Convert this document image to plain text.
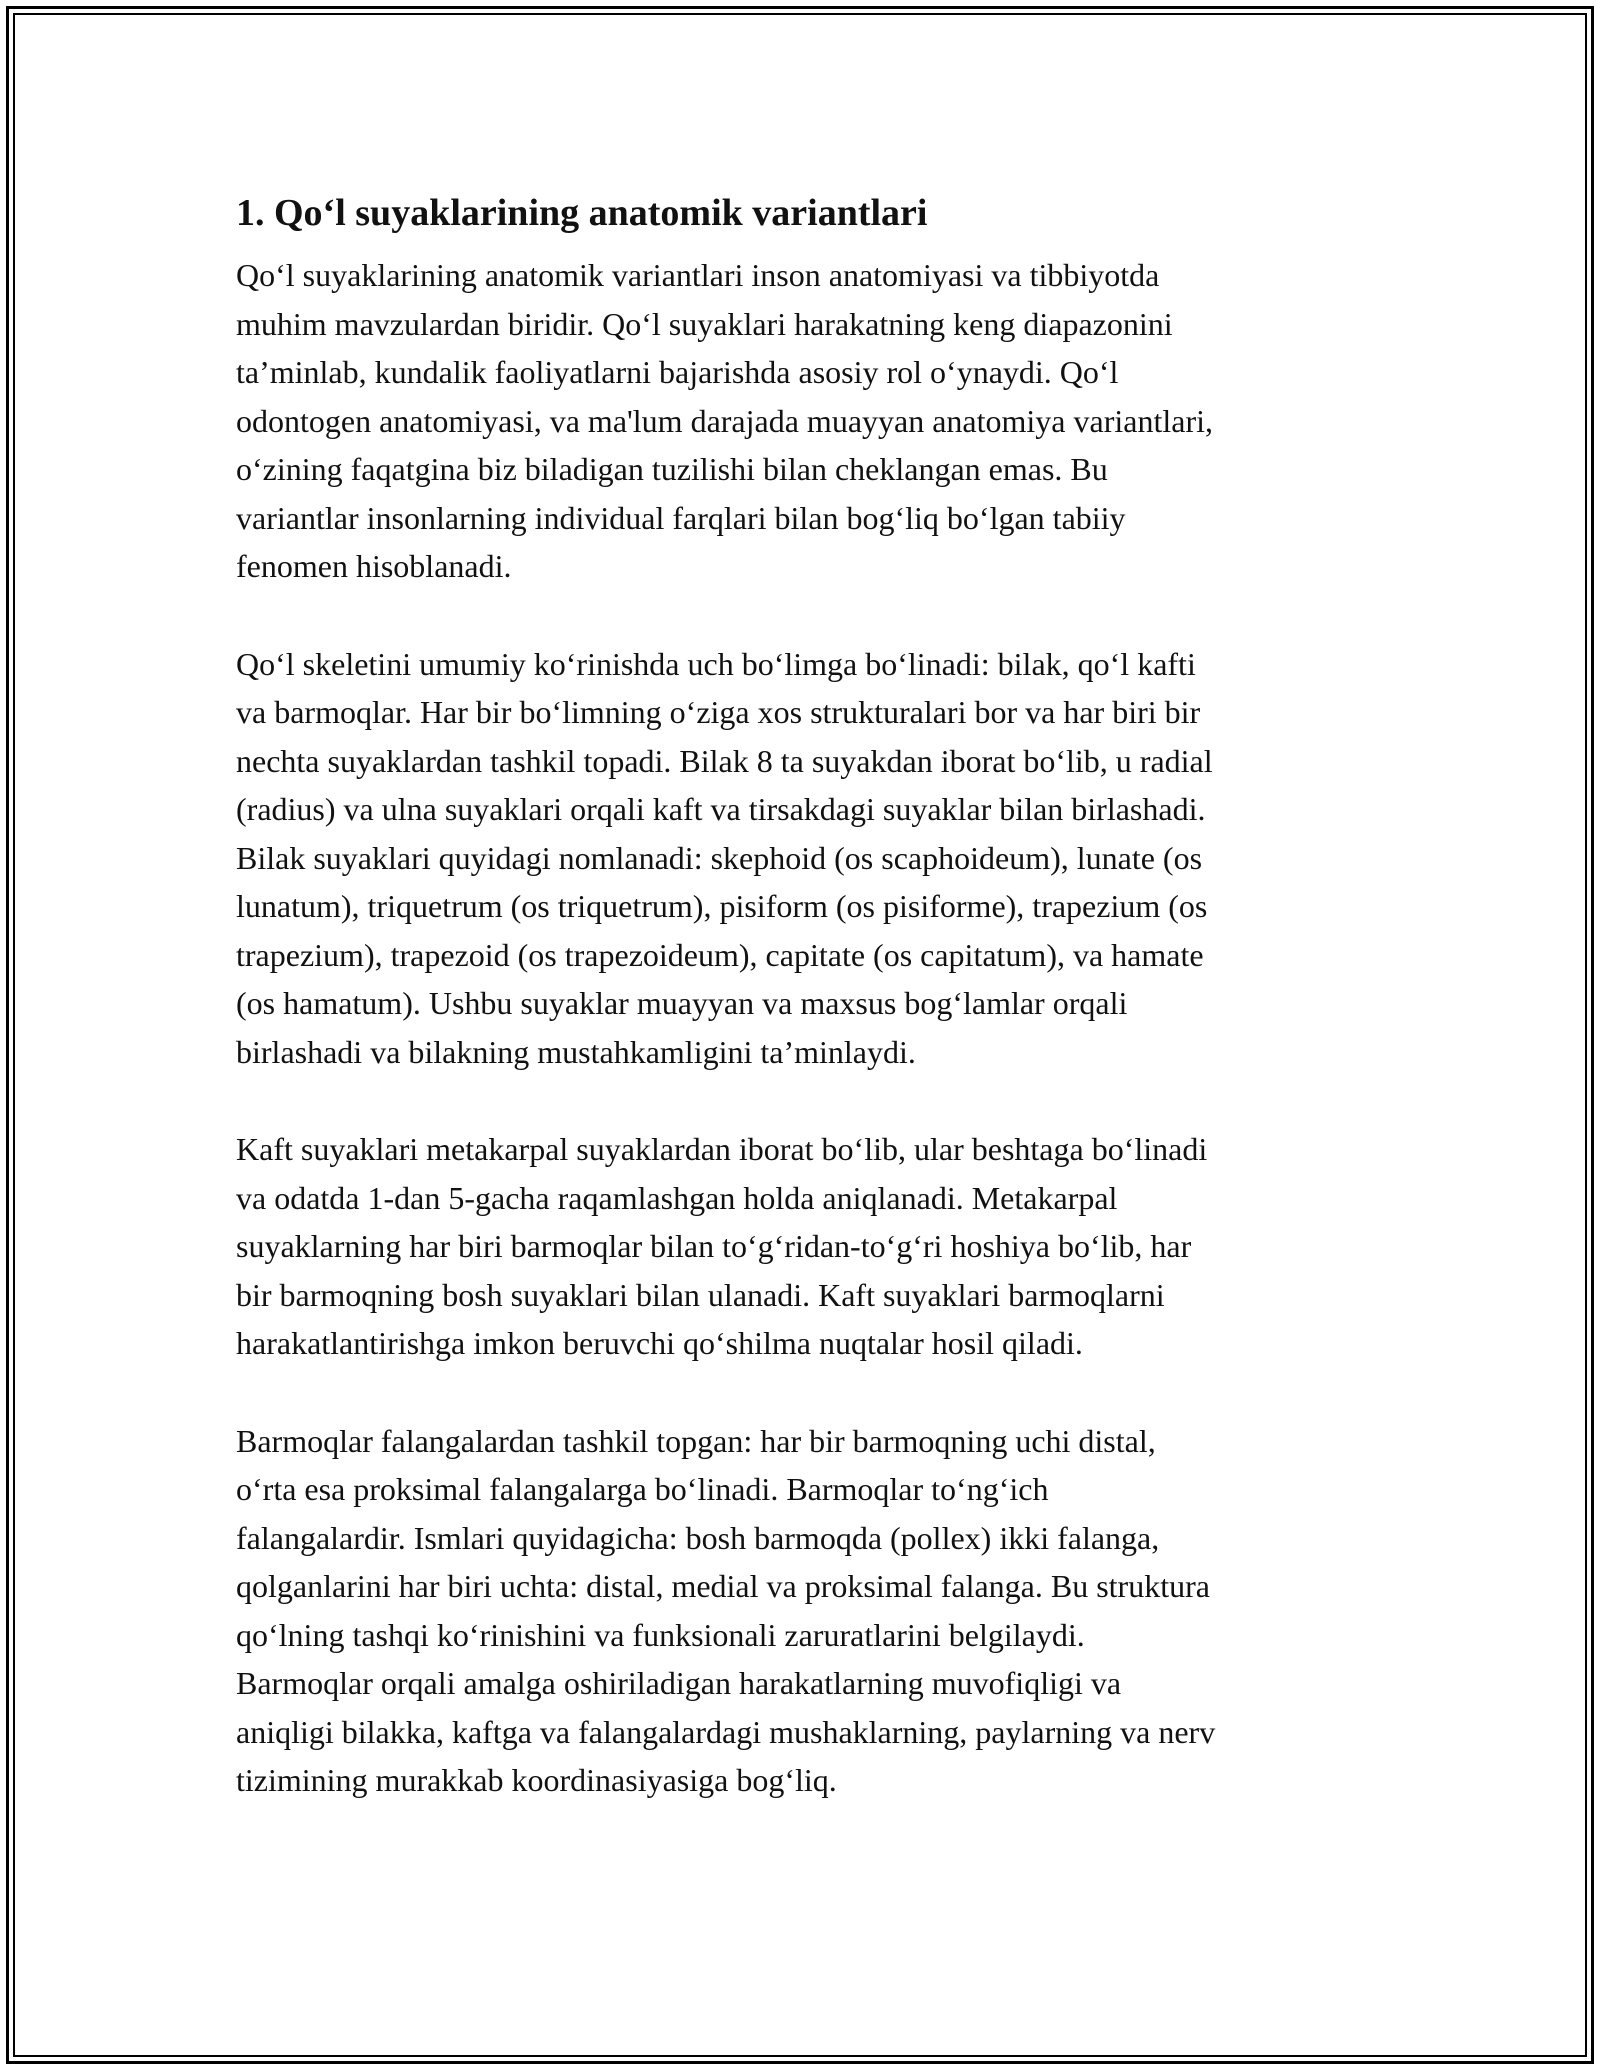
1. Qo‘l suyaklarining anatomik variantlari
Qo‘l suyaklarining anatomik variantlari inson anatomiyasi va tibbiyotda
muhim mavzulardan biridir. Qo‘l suyaklari harakatning keng diapazonini
ta’minlab, kundalik faoliyatlarni bajarishda asosiy rol o‘ynaydi. Qo‘l
odontogen anatomiyasi, va ma'lum darajada muayyan anatomiya variantlari,
o‘zining faqatgina biz biladigan tuzilishi bilan cheklangan emas. Bu
variantlar insonlarning individual farqlari bilan bog‘liq bo‘lgan tabiiy
fenomen hisoblanadi.
Qo‘l skeletini umumiy ko‘rinishda uch bo‘limga bo‘linadi: bilak, qo‘l kafti
va barmoqlar. Har bir bo‘limning o‘ziga xos strukturalari bor va har biri bir
nechta suyaklardan tashkil topadi. Bilak 8 ta suyakdan iborat bo‘lib, u radial
(radius) va ulna suyaklari orqali kaft va tirsakdagi suyaklar bilan birlashadi.
Bilak suyaklari quyidagi nomlanadi: skephoid (os scaphoideum), lunate (os
lunatum), triquetrum (os triquetrum), pisiform (os pisiforme), trapezium (os
trapezium), trapezoid (os trapezoideum), capitate (os capitatum), va hamate
(os hamatum). Ushbu suyaklar muayyan va maxsus bog‘lamlar orqali
birlashadi va bilakning mustahkamligini ta’minlaydi.
Kaft suyaklari metakarpal suyaklardan iborat bo‘lib, ular beshtaga bo‘linadi
va odatda 1-dan 5-gacha raqamlashgan holda aniqlanadi. Metakarpal
suyaklarning har biri barmoqlar bilan to‘g‘ridan-to‘g‘ri hoshiya bo‘lib, har
bir barmoqning bosh suyaklari bilan ulanadi. Kaft suyaklari barmoqlarni
harakatlantirishga imkon beruvchi qo‘shilma nuqtalar hosil qiladi.
Barmoqlar falangalardan tashkil topgan: har bir barmoqning uchi distal,
o‘rta esa proksimal falangalarga bo‘linadi. Barmoqlar to‘ng‘ich
falangalardir. Ismlari quyidagicha: bosh barmoqda (pollex) ikki falanga,
qolganlarini har biri uchta: distal, medial va proksimal falanga. Bu struktura
qo‘lning tashqi ko‘rinishini va funksionali zaruratlarini belgilaydi.
Barmoqlar orqali amalga oshiriladigan harakatlarning muvofiqligi va
aniqligi bilakka, kaftga va falangalardagi mushaklarning, paylarning va nerv
tizimining murakkab koordinasiyasiga bog‘liq.
